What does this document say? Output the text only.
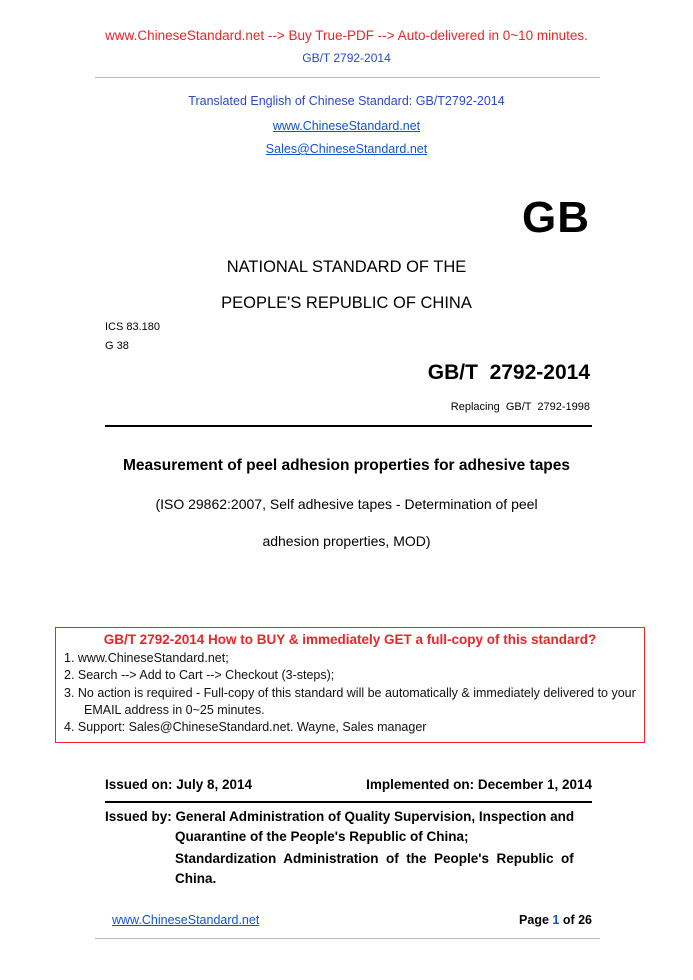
www.ChineseStandard.net --> Buy True-PDF --> Auto-delivered in 0~10 minutes.
GB/T 2792-2014
Translated English of Chinese Standard: GB/T2792-2014
www.ChineseStandard.net
Sales@ChineseStandard.net
GB
NATIONAL STANDARD OF THE
PEOPLE'S REPUBLIC OF CHINA
ICS 83.180
G 38
GB/T  2792-2014
Replacing  GB/T  2792-1998
Measurement of peel adhesion properties for adhesive tapes
(ISO 29862:2007, Self adhesive tapes - Determination of peel
adhesion properties, MOD)
GB/T 2792-2014 How to BUY & immediately GET a full-copy of this standard?
1. www.ChineseStandard.net;
2. Search --> Add to Cart --> Checkout (3-steps);
3. No action is required - Full-copy of this standard will be automatically & immediately delivered to your EMAIL address in 0~25 minutes.
4. Support: Sales@ChineseStandard.net. Wayne, Sales manager
Issued on: July 8, 2014	Implemented on: December 1, 2014
Issued by: General Administration of Quality Supervision, Inspection and
Quarantine of the People's Republic of China;
Standardization  Administration  of  the  People's  Republic  of
China.
www.ChineseStandard.net	Page 1 of 26
